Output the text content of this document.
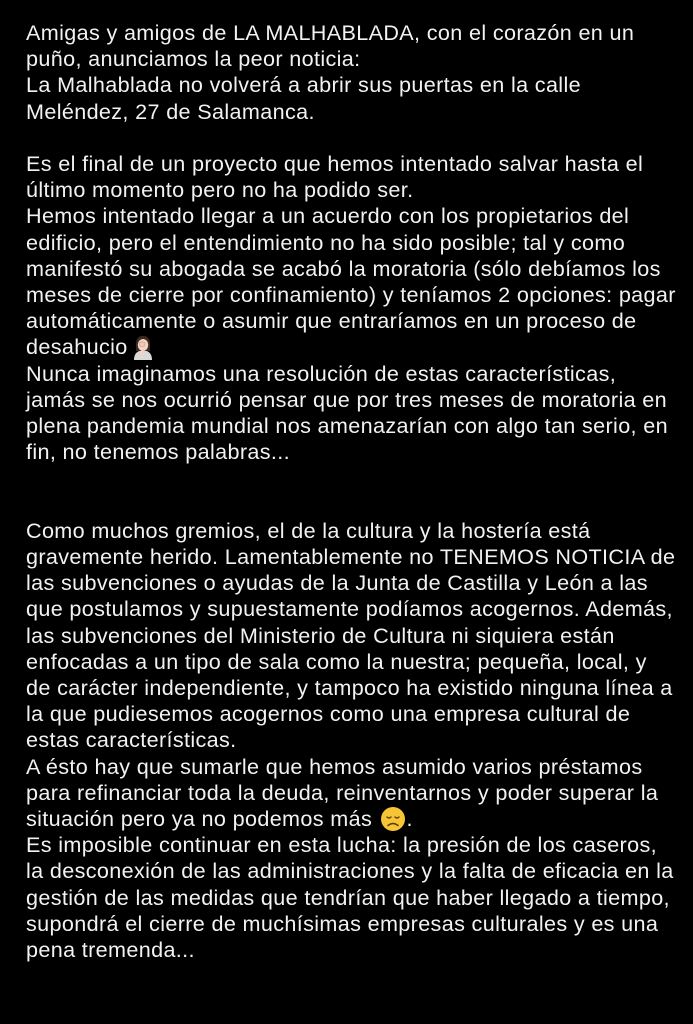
Amigas y amigos de LA MALHABLADA, con el corazón en un puño, anunciamos la peor noticia:

La Malhablada no volverá a abrir sus puertas en la calle Meléndez, 27 de Salamanca.

Es el final de un proyecto que hemos intentado salvar hasta el último momento pero no ha podido ser.

Hemos intentado llegar a un acuerdo con los propietarios del edificio, pero el entendimiento no ha sido posible; tal y como manifestó su abogada se acabó la moratoria (sólo debíamos los meses de cierre por confinamiento) y teníamos 2 opciones: pagar automáticamente o asumir que entraríamos en un proceso de desahucio

Nunca imaginamos una resolución de estas características, jamás se nos ocurrió pensar que por tres meses de moratoria en plena pandemia mundial nos amenazarían con algo tan serio, en fin, no tenemos palabras...

Como muchos gremios, el de la cultura y la hostería está gravemente herido. Lamentablemente no TENEMOS NOTICIA de las subvenciones o ayudas de la Junta de Castilla y León a las que postulamos y supuestamente podíamos acogernos. Además, las subvenciones del Ministerio de Cultura ni siquiera están enfocadas a un tipo de sala como la nuestra; pequeña, local, y de carácter independiente, y tampoco ha existido ninguna línea a la que pudiesemos acogernos como una empresa cultural de estas características.

A ésto hay que sumarle que hemos asumido varios préstamos para refinanciar toda la deuda, reinventarnos y poder superar la situación pero ya no podemos más .

Es imposible continuar en esta lucha: la presión de los caseros, la desconexión de las administraciones y la falta de eficacia en la gestión de las medidas que tendrían que haber llegado a tiempo, supondrá el cierre de muchísimas empresas culturales y es una pena tremenda...
